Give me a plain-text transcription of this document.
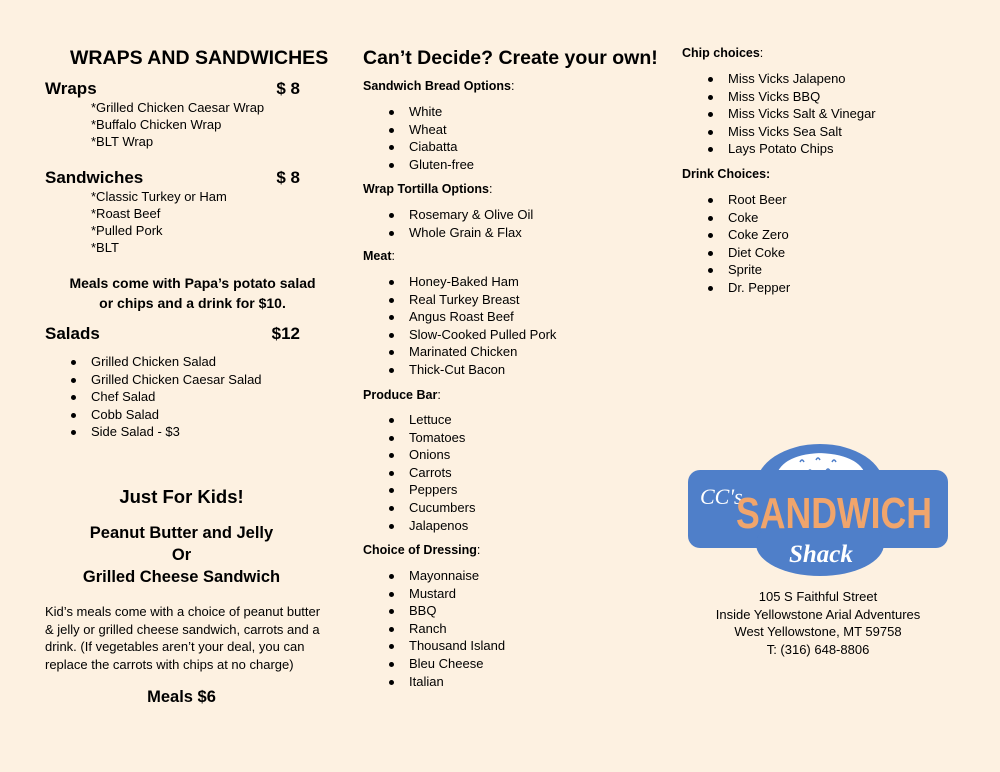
WRAPS AND SANDWICHES
Wraps	$ 8
*Grilled Chicken Caesar Wrap
*Buffalo Chicken Wrap
*BLT Wrap
Sandwiches	$ 8
*Classic Turkey or Ham
*Roast Beef
*Pulled Pork
*BLT
Meals come with Papa’s potato salad
or chips and a drink for $10.
Salads	$12
Grilled Chicken Salad
Grilled Chicken Caesar Salad
Chef Salad
Cobb Salad
Side Salad - $3
Just For Kids!
Peanut Butter and Jelly
Or
Grilled Cheese Sandwich
Kid’s meals come with a choice of peanut butter
& jelly or grilled cheese sandwich, carrots and a
drink. (If vegetables aren’t your deal, you can
replace the carrots with chips at no charge)
Meals $6
Can’t Decide? Create your own!
Sandwich Bread Options:
White
Wheat
Ciabatta
Gluten-free
Wrap Tortilla Options:
Rosemary & Olive Oil
Whole Grain & Flax
Meat:
Honey-Baked Ham
Real Turkey Breast
Angus Roast Beef
Slow-Cooked Pulled Pork
Marinated Chicken
Thick-Cut Bacon
Produce Bar:
Lettuce
Tomatoes
Onions
Carrots
Peppers
Cucumbers
Jalapenos
Choice of Dressing:
Mayonnaise
Mustard
BBQ
Ranch
Thousand Island
Bleu Cheese
Italian
Chip choices:
Miss Vicks Jalapeno
Miss Vicks BBQ
Miss Vicks Salt & Vinegar
Miss Vicks Sea Salt
Lays Potato Chips
Drink Choices:
Root Beer
Coke
Coke Zero
Diet Coke
Sprite
Dr. Pepper
CC's
SANDWICH
Shack
105 S Faithful Street
Inside Yellowstone Arial Adventures
West Yellowstone, MT 59758
T: (316) 648-8806
